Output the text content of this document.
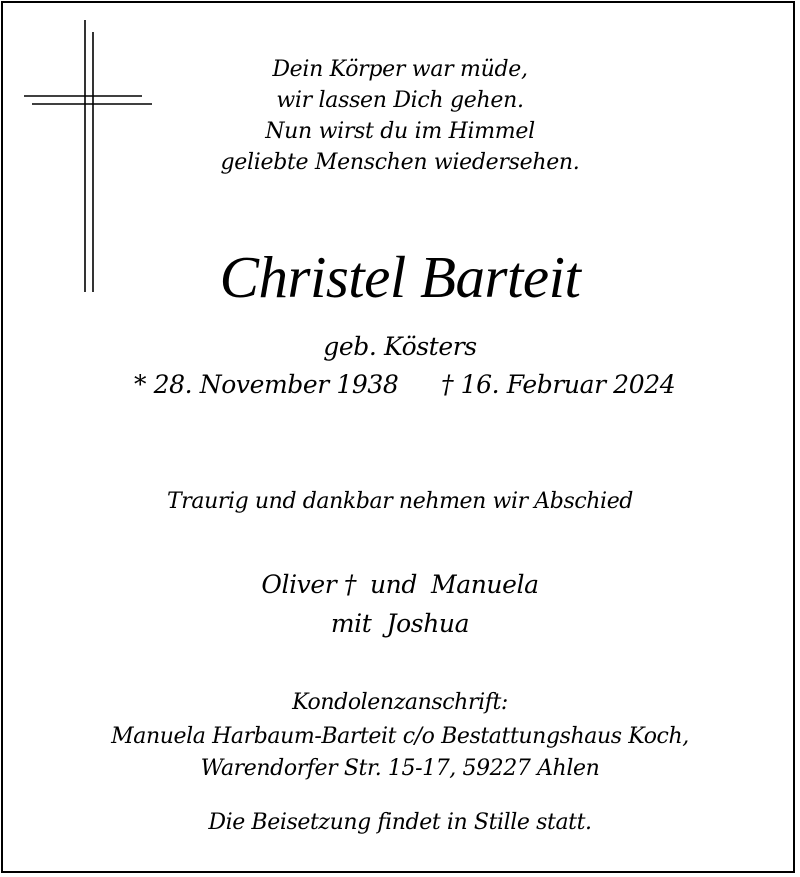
Dein Körper war müde,
wir lassen Dich gehen.
Nun wirst du im Himmel
geliebte Menschen wiedersehen.
Christel Barteit
geb. Kösters
* 28. November 1938 † 16. Februar 2024
Traurig und dankbar nehmen wir Abschied
Oliver † und Manuela
mit  Joshua
Kondolenzanschrift:
Manuela Harbaum-Barteit c/o Bestattungshaus Koch,
Warendorfer Str. 15-17, 59227 Ahlen
Die Beisetzung findet in Stille statt.
